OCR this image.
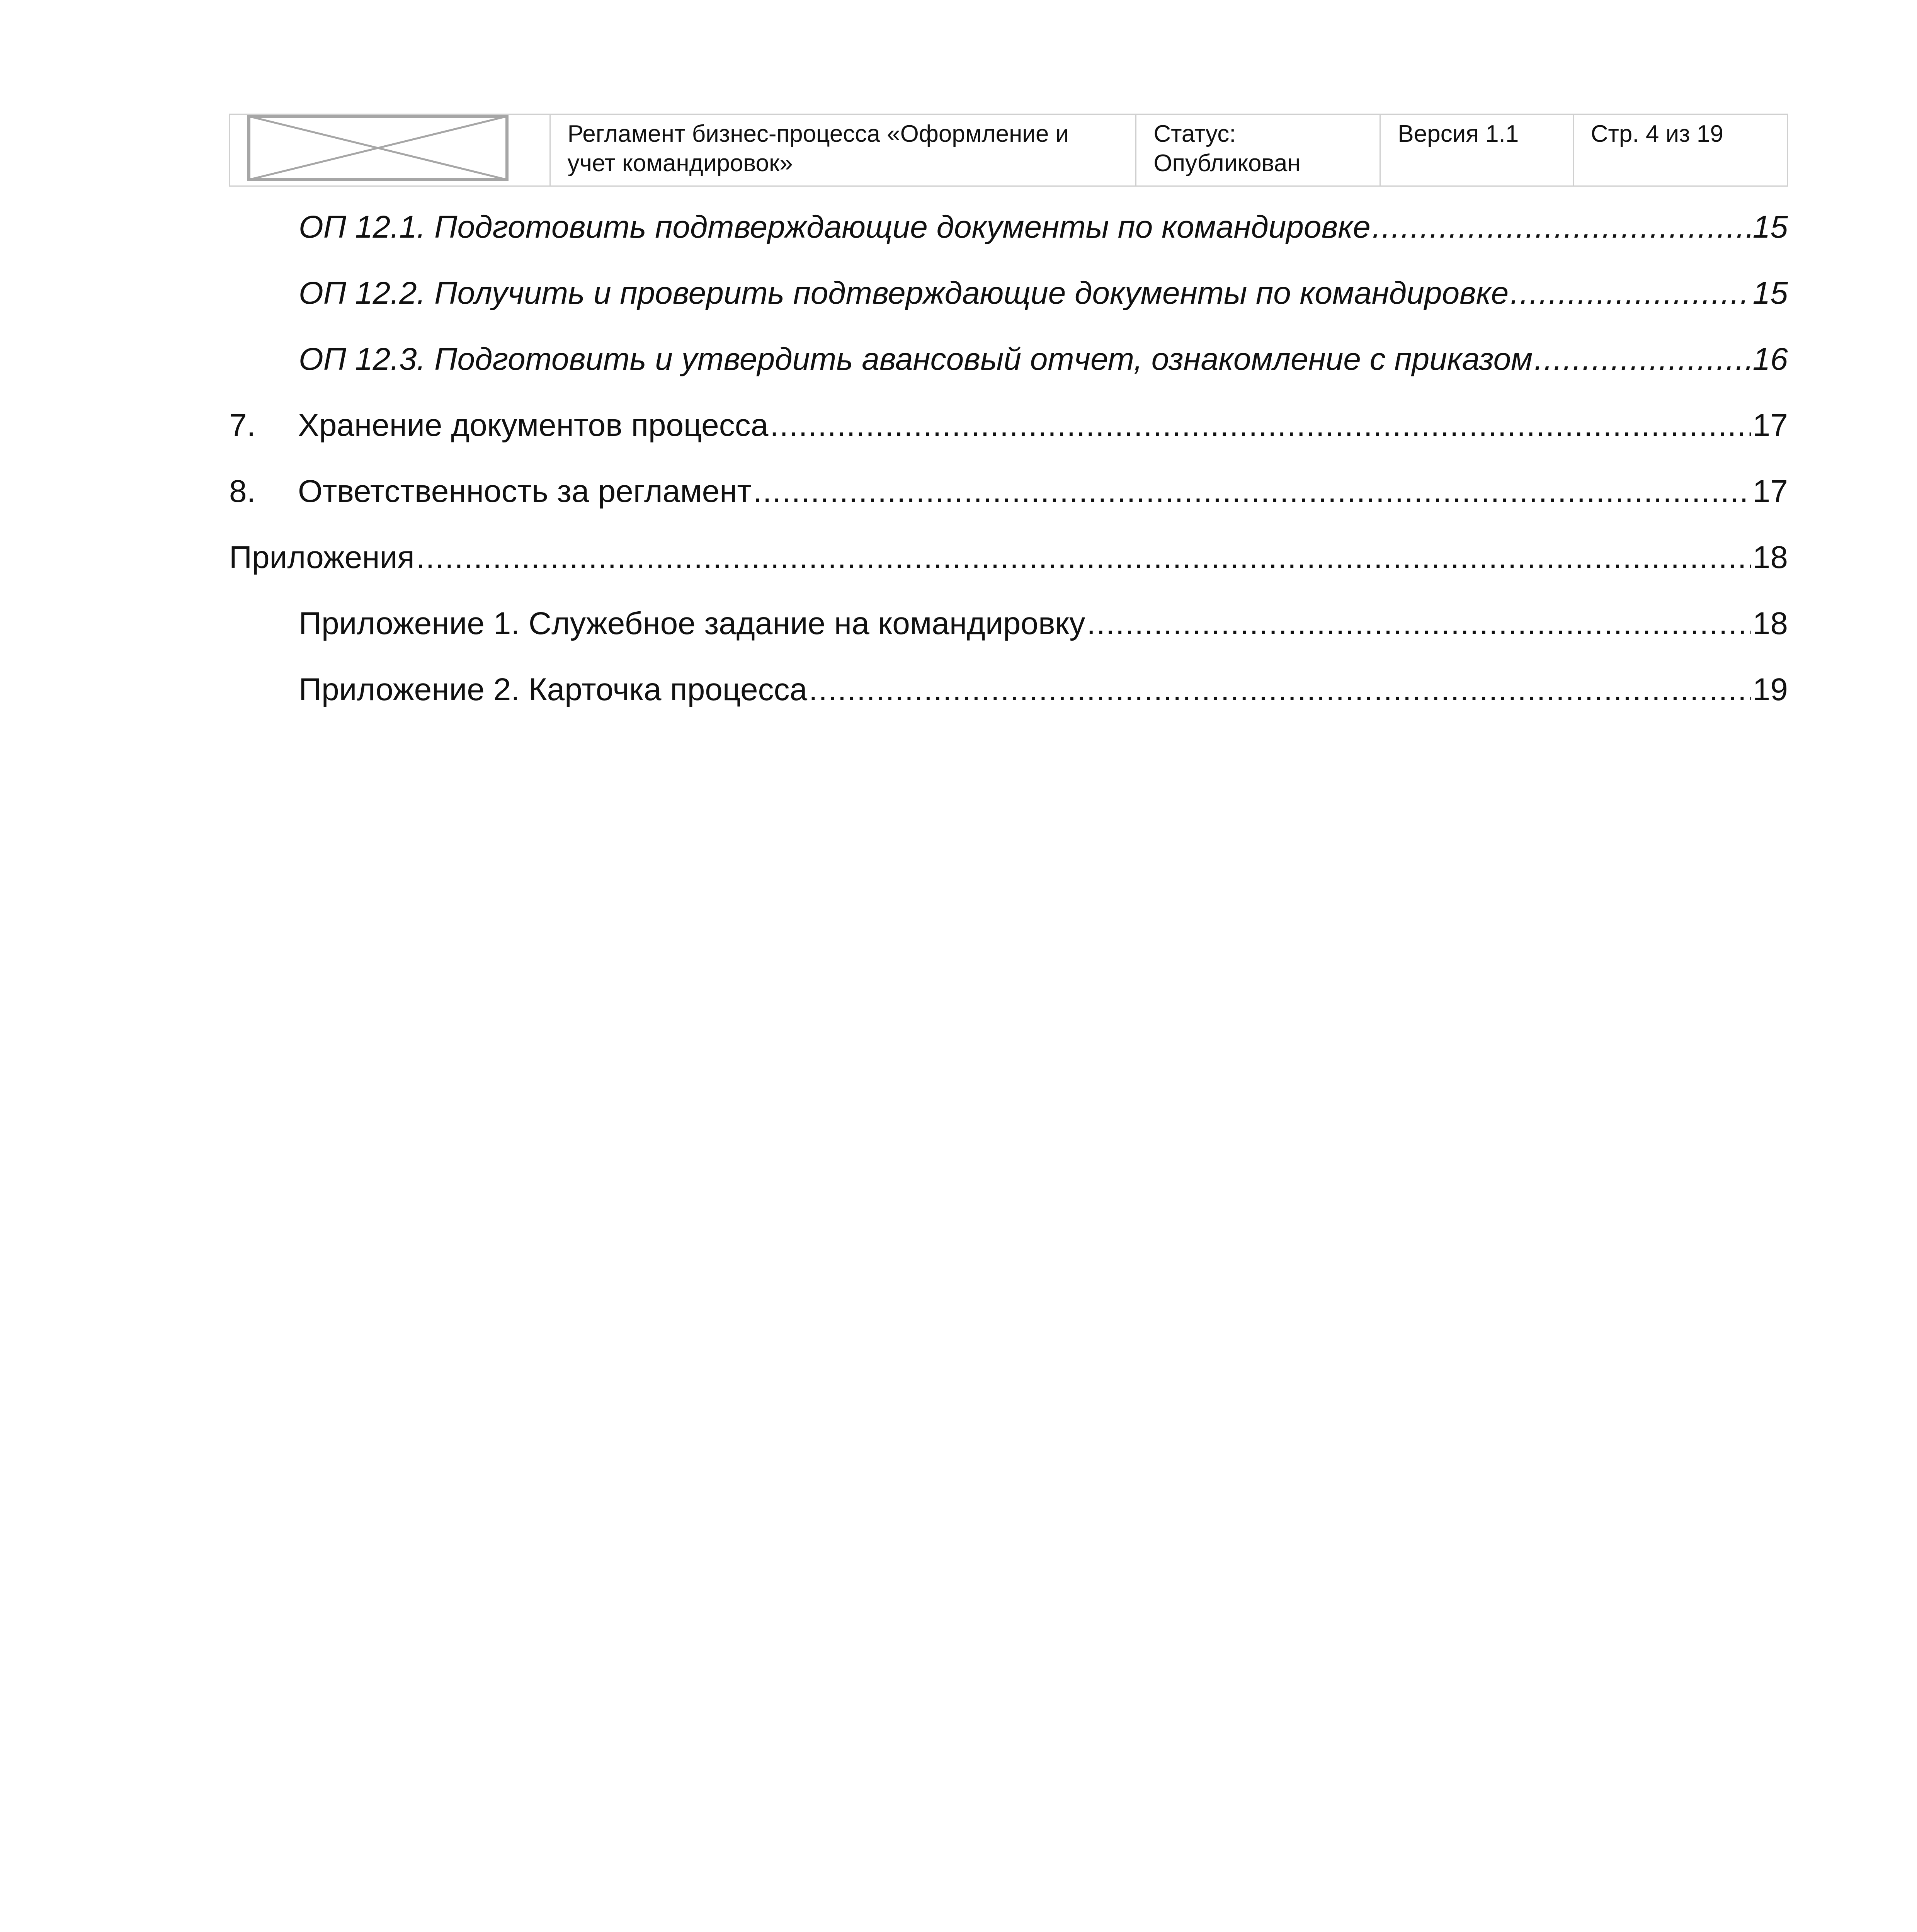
Регламент бизнес-процесса «Оформление и учет командировок»
Статус:
Опубликован
Версия 1.1	Стр. 4 из 19
ОП 12.1. Подготовить подтверждающие документы по командировке .....	15
ОП 12.2. Получить и проверить подтверждающие документы по командировке .....	15
ОП 12.3. Подготовить и утвердить авансовый отчет, ознакомление с приказом .....	16
7.	Хранение документов процесса .....	17
8.	Ответственность за регламент .....	17
Приложения .....	18
Приложение 1. Служебное задание на командировку .....	18
Приложение 2. Карточка процесса .....	19
